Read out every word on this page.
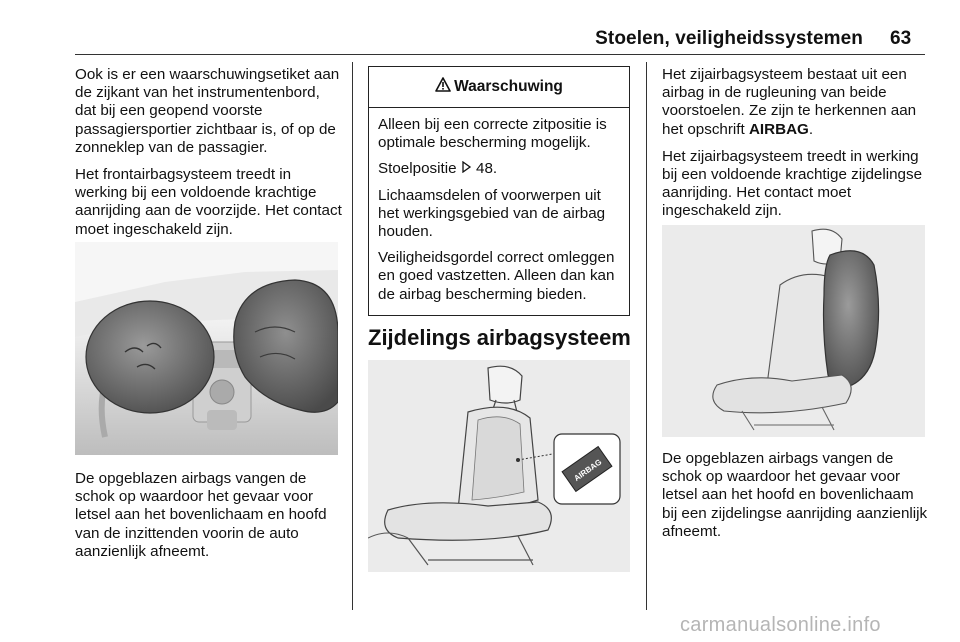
Stoelen, veiligheidssystemen 63

Ook is er een waarschuwingsetiket aan de zijkant van het instrumentenbord, dat bij een geopend voorste passagiersportier zichtbaar is, of op de zonneklep van de passagier.

Het frontairbagsysteem treedt in werking bij een voldoende krachtige aanrijding aan de voorzijde. Het contact moet ingeschakeld zijn.

De opgeblazen airbags vangen de schok op waardoor het gevaar voor letsel aan het bovenlichaam en hoofd van de inzittenden voorin de auto aanzienlijk afneemt.

Waarschuwing

Alleen bij een correcte zitpositie is optimale bescherming mogelijk.

Stoelpositie 48.

Lichaamsdelen of voorwerpen uit het werkingsgebied van de airbag houden.

Veiligheidsgordel correct omleggen en goed vastzetten. Alleen dan kan de airbag bescherming bieden.

Zijdelings airbagsysteem
AIRBAG

Het zijairbagsysteem bestaat uit een airbag in de rugleuning van beide voorstoelen. Ze zijn te herkennen aan het opschrift AIRBAG.

Het zijairbagsysteem treedt in werking bij een voldoende krachtige zijdelingse aanrijding. Het contact moet ingeschakeld zijn.

De opgeblazen airbags vangen de schok op waardoor het gevaar voor letsel aan het hoofd en bovenlichaam bij een zijdelingse aanrijding aanzienlijk afneemt.

carmanualsonline.info
